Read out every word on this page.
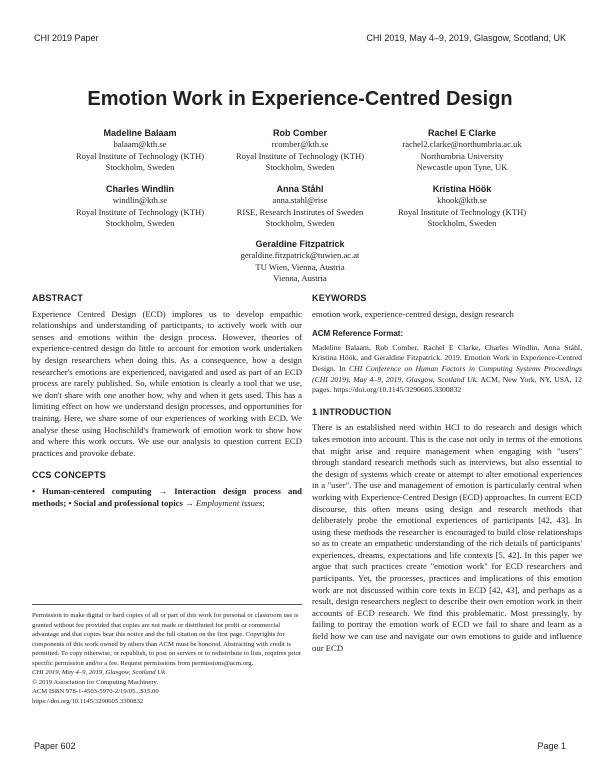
CHI 2019 Paper	CHI 2019, May 4–9, 2019, Glasgow, Scotland, UK
Emotion Work in Experience-Centred Design
Madeline Balaam
balaam@kth.se
Royal Institute of Technology (KTH)
Stockholm, Sweden
Rob Comber
rcomber@kth.se
Royal Institute of Technology (KTH)
Stockholm, Sweden
Rachel E Clarke
rachel2.clarke@northumbria.ac.uk
Northumbria University
Newcastle upon Tyne, UK
Charles Windlin
windlin@kth.se
Royal Institute of Technology (KTH)
Stockholm, Sweden
Anna Ståhl
anna.stahl@rise
RISE, Research Institutes of Sweden
Stockholm, Sweden
Kristina Höök
khook@kth.se
Royal Institute of Technology (KTH)
Stockholm, Sweden
Geraldine Fitzpatrick
geraldine.fitzpatrick@tuwien.ac.at
TU Wien, Vienna, Austria
Vienna, Austria
ABSTRACT

Experience Centred Design (ECD) implores us to develop empathic relationships and understanding of participants, to actively work with our senses and emotions within the design process. However, theories of experience-centred design do little to account for emotion work undertaken by design researchers when doing this. As a consequence, how a design researcher's emotions are experienced, navigated and used as part of an ECD process are rarely published. So, while emotion is clearly a tool that we use, we don't share with one another how, why and when it gets used. This has a limiting effect on how we understand design processes, and opportunities for training. Here, we share some of our experiences of working with ECD. We analyse these using Hochschild's framework of emotion work to show how and where this work occurs. We use our analysis to question current ECD practices and provoke debate.

CCS CONCEPTS

• Human-centered computing → Interaction design process and methods; • Social and professional topics → Employment issues;

Permission to make digital or hard copies of all or part of this work for personal or classroom use is granted without fee provided that copies are not made or distributed for profit or commercial advantage and that copies bear this notice and the full citation on the first page. Copyrights for components of this work owned by others than ACM must be honored. Abstracting with credit is permitted. To copy otherwise, or republish, to post on servers or to redistribute to lists, requires prior specific permission and/or a fee. Request permissions from permissions@acm.org.

CHI 2019, May 4–9, 2019, Glasgow, Scotland Uk

© 2019 Association for Computing Machinery.

ACM ISBN 978-1-4503-5970-2/19/05...$15.00

https://doi.org/10.1145/3290605.3300832

KEYWORDS

emotion work, experience-centred design, design research

ACM Reference Format:

Madeline Balaam, Rob Comber, Rachel E Clarke, Charles Windlin, Anna Ståhl, Kristina Höök, and Geraldine Fitzpatrick. 2019. Emotion Work in Experience-Centred Design. In CHI Conference on Human Factors in Computing Systems Proceedings (CHI 2019), May 4–9, 2019, Glasgow, Scotland Uk. ACM, New York, NY, USA, 12 pages. https://doi.org/10.1145/3290605.3300832

1 INTRODUCTION

There is an established need within HCI to do research and design which takes emotion into account. This is the case not only in terms of the emotions that might arise and require management when engaging with "users" through standard research methods such as interviews, but also essential to the design of systems which create or attempt to alter emotional experiences in a "user". The use and management of emotion is particularly central when working with Experience-Centred Design (ECD) approaches. In current ECD discourse, this often means using design and research methods that deliberately probe the emotional experiences of participants [42, 43]. In using these methods the researcher is encouraged to build close relationships so as to create an empathetic understanding of the rich details of participants' experiences, dreams, expectations and life contexts [5, 42]. In this paper we argue that such practices create "emotion work" for ECD researchers and participants. Yet, the processes, practices and implications of this emotion work are not discussed within core texts in ECD [42, 43], and perhaps as a result, design researchers neglect to describe their own emotion work in their accounts of ECD research. We find this problematic. Most pressingly, by failing to portray the emotion work of ECD we fail to share and learn as a field how we can use and navigate our own emotions to guide and influence our ECD

Paper 602	Page 1
